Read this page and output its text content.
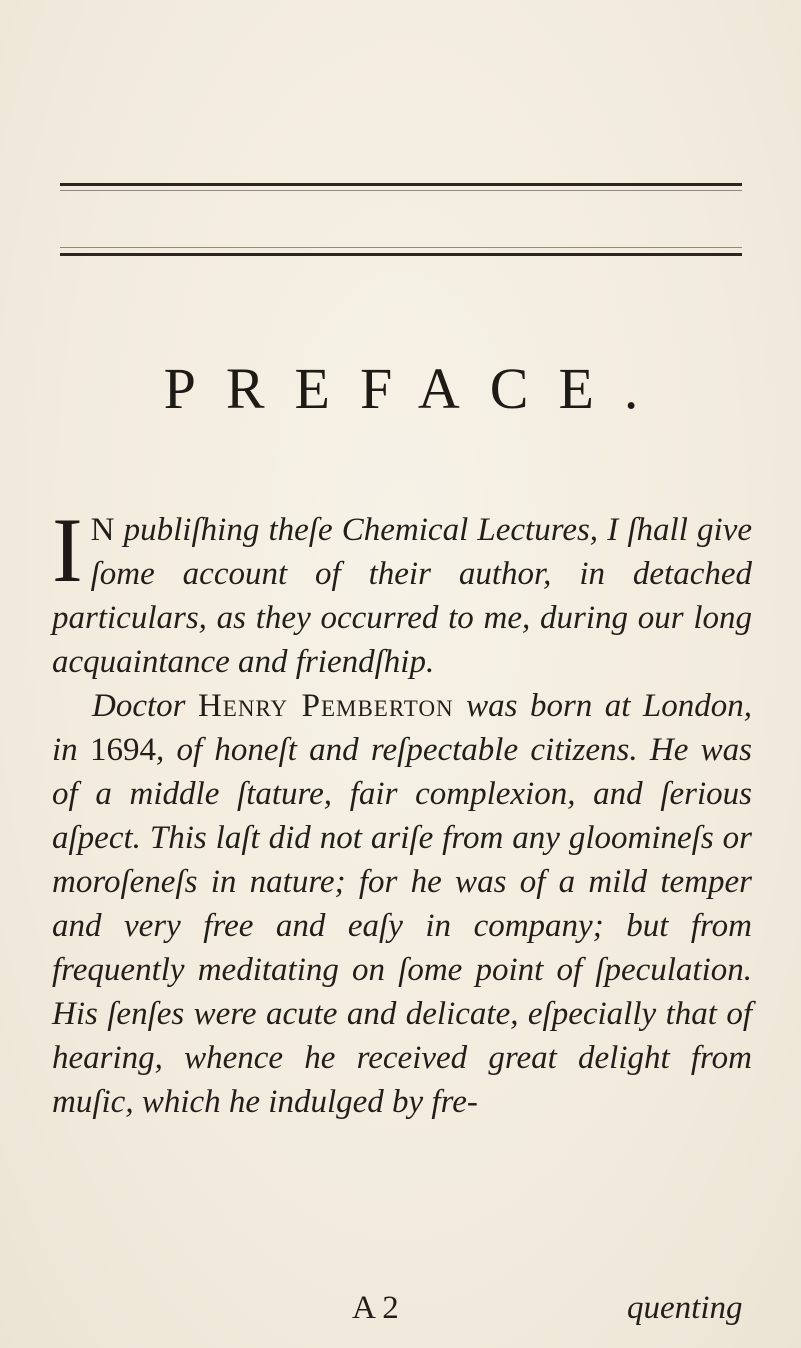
PREFACE.

I N publiſhing theſe Chemical Lectures, I ſhall give ſome account of their author, in detached particulars, as they occurred to me, during our long acquaintance and friendſhip.

Doctor Henry Pemberton was born at London, in 1694, of honeſt and reſpectable citizens. He was of a middle ſtature, fair complexion, and ſerious aſpect. This laſt did not ariſe from any gloomineſs or moroſeneſs in nature; for he was of a mild temper and very free and eaſy in company; but from frequently meditating on ſome point of ſpeculation. His ſenſes were acute and delicate, eſpecially that of hearing, whence he received great delight from muſic, which he indulged by fre-

A 2	quenting
